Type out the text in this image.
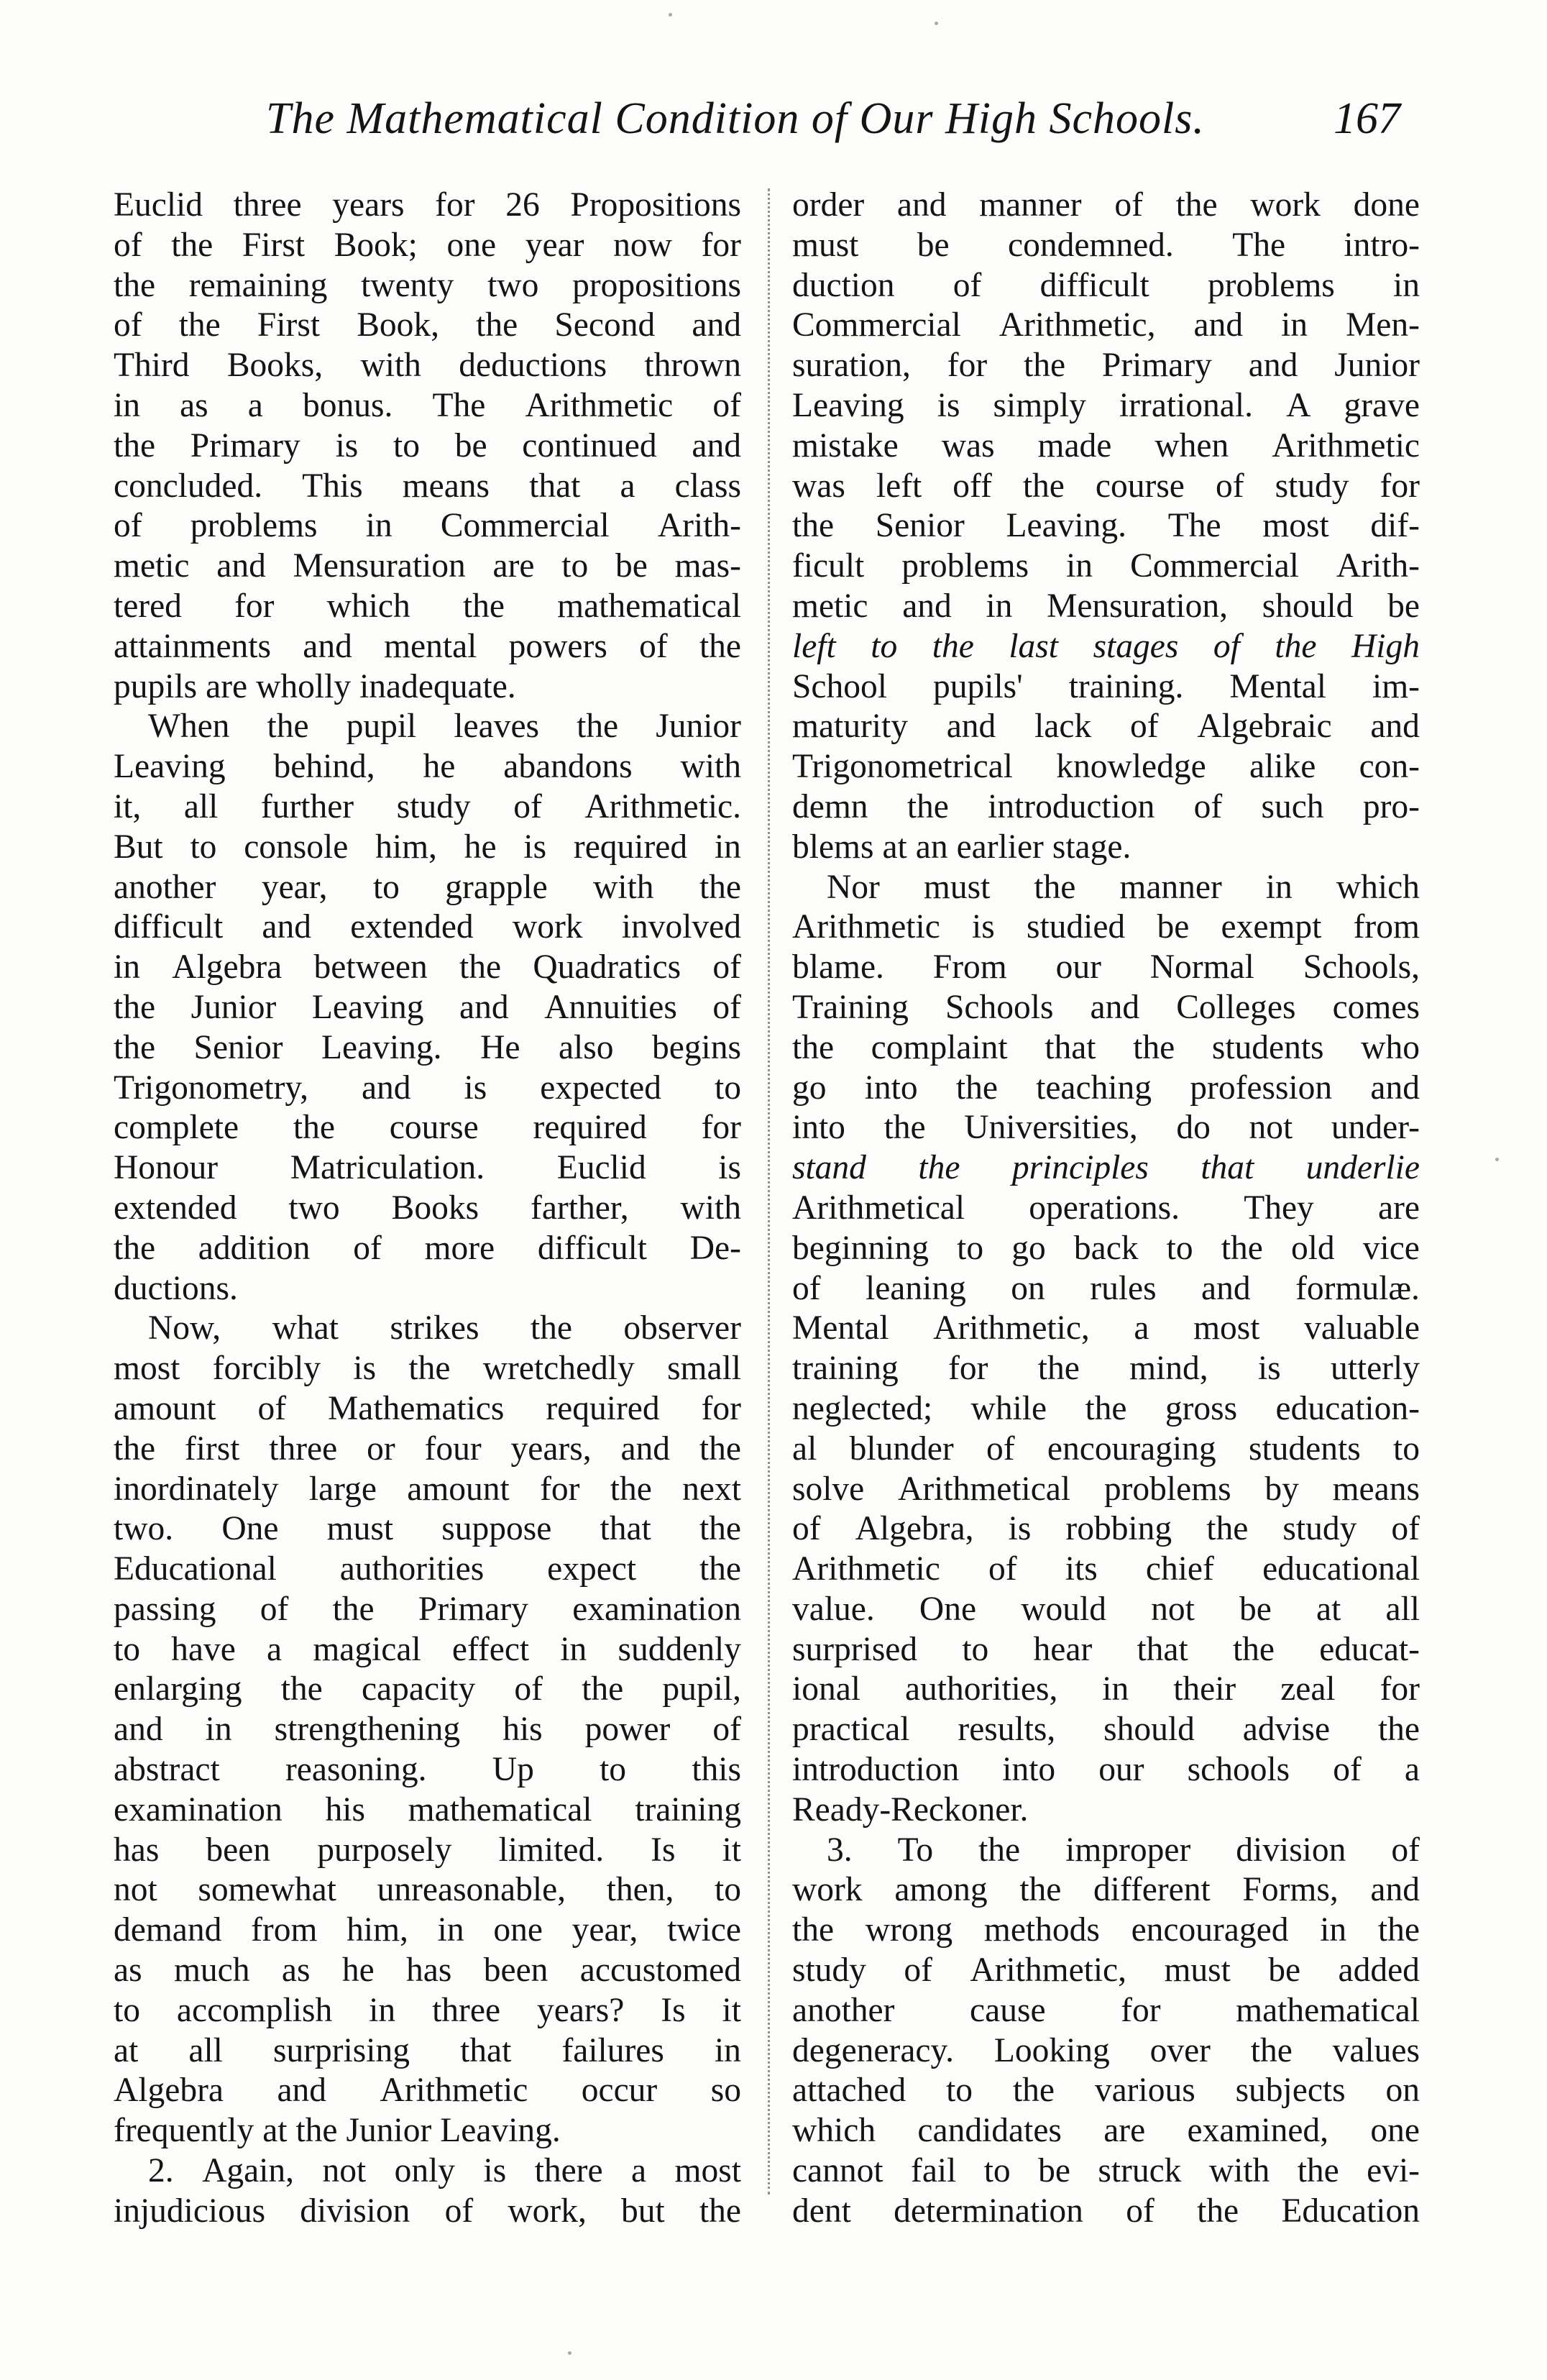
The Mathematical Condition of Our High Schools.	167
Euclid three years for 26 Propositions
of the First Book; one year now for
the remaining twenty two propositions
of the First Book, the Second and
Third Books, with deductions thrown
in as a bonus. The Arithmetic of
the Primary is to be continued and
concluded. This means that a class
of problems in Commercial Arith-
metic and Mensuration are to be mas-
tered for which the mathematical
attainments and mental powers of the
pupils are wholly inadequate.
When the pupil leaves the Junior
Leaving behind, he abandons with
it, all further study of Arithmetic.
But to console him, he is required in
another year, to grapple with the
difficult and extended work involved
in Algebra between the Quadratics of
the Junior Leaving and Annuities of
the Senior Leaving. He also begins
Trigonometry, and is expected to
complete the course required for
Honour Matriculation. Euclid is
extended two Books farther, with
the addition of more difficult De-
ductions.
Now, what strikes the observer
most forcibly is the wretchedly small
amount of Mathematics required for
the first three or four years, and the
inordinately large amount for the next
two. One must suppose that the
Educational authorities expect the
passing of the Primary examination
to have a magical effect in suddenly
enlarging the capacity of the pupil,
and in strengthening his power of
abstract reasoning. Up to this
examination his mathematical training
has been purposely limited. Is it
not somewhat unreasonable, then, to
demand from him, in one year, twice
as much as he has been accustomed
to accomplish in three years? Is it
at all surprising that failures in
Algebra and Arithmetic occur so
frequently at the Junior Leaving.
2. Again, not only is there a most
injudicious division of work, but the
order and manner of the work done
must be condemned. The intro-
duction of difficult problems in
Commercial Arithmetic, and in Men-
suration, for the Primary and Junior
Leaving is simply irrational. A grave
mistake was made when Arithmetic
was left off the course of study for
the Senior Leaving. The most dif-
ficult problems in Commercial Arith-
metic and in Mensuration, should be
left to the last stages of the High
School pupils' training. Mental im-
maturity and lack of Algebraic and
Trigonometrical knowledge alike con-
demn the introduction of such pro-
blems at an earlier stage.
Nor must the manner in which
Arithmetic is studied be exempt from
blame. From our Normal Schools,
Training Schools and Colleges comes
the complaint that the students who
go into the teaching profession and
into the Universities, do not under-
stand the principles that underlie
Arithmetical operations. They are
beginning to go back to the old vice
of leaning on rules and formulæ.
Mental Arithmetic, a most valuable
training for the mind, is utterly
neglected; while the gross education-
al blunder of encouraging students to
solve Arithmetical problems by means
of Algebra, is robbing the study of
Arithmetic of its chief educational
value. One would not be at all
surprised to hear that the educat-
ional authorities, in their zeal for
practical results, should advise the
introduction into our schools of a
Ready-Reckoner.
3. To the improper division of
work among the different Forms, and
the wrong methods encouraged in the
study of Arithmetic, must be added
another cause for mathematical
degeneracy. Looking over the values
attached to the various subjects on
which candidates are examined, one
cannot fail to be struck with the evi-
dent determination of the Education
